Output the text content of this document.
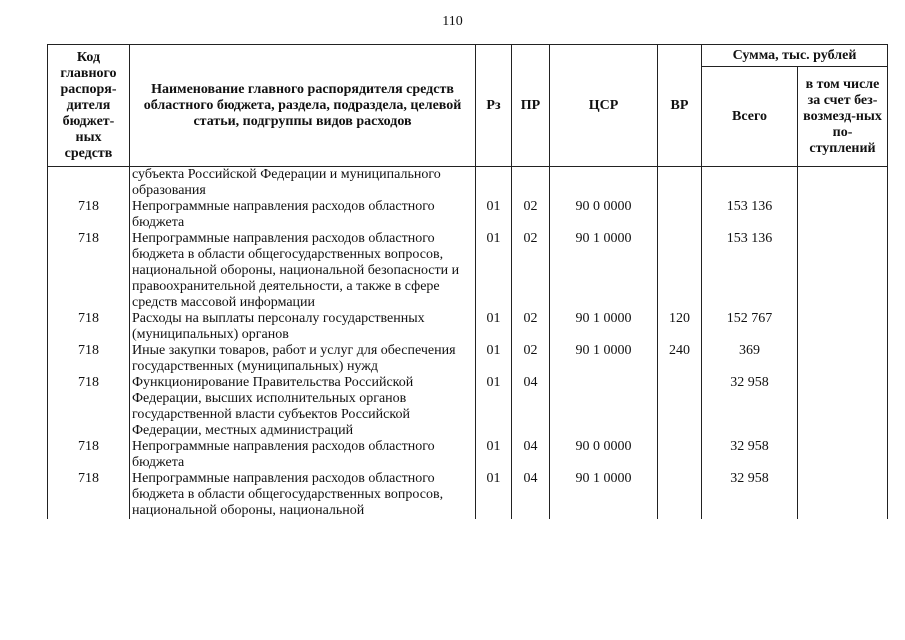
110
Код главного распоря-дителя бюджет-ных средств	Наименование главного распорядителя средств областного бюджета, раздела, подраздела, целевой статьи, подгруппы видов расходов	Рз	ПР	ЦСР	ВР	Сумма, тыс. рублей	
						Всего	в том числе за счет без-возмезд-ных по-ступлений
	субъекта Российской Федерации и муниципального образования						
718	Непрограммные направления расходов областного бюджета	01	02	90 0 0000		153 136	
718	Непрограммные направления расходов областного бюджета в области общегосударственных вопросов, национальной обороны, национальной безопасности и правоохранительной деятельности, а также в сфере средств массовой информации	01	02	90 1 0000		153 136	
718	Расходы на выплаты персоналу государственных (муниципальных) органов	01	02	90 1 0000	120	152 767	
718	Иные закупки товаров, работ и услуг для обеспечения государственных (муниципальных) нужд	01	02	90 1 0000	240	369	
718	Функционирование Правительства Российской Федерации, высших исполнительных органов государственной власти субъектов Российской Федерации, местных администраций	01	04			32 958	
718	Непрограммные направления расходов областного бюджета	01	04	90 0 0000		32 958	
718	Непрограммные направления расходов областного бюджета в области общегосударственных вопросов, национальной обороны, национальной	01	04	90 1 0000		32 958	
